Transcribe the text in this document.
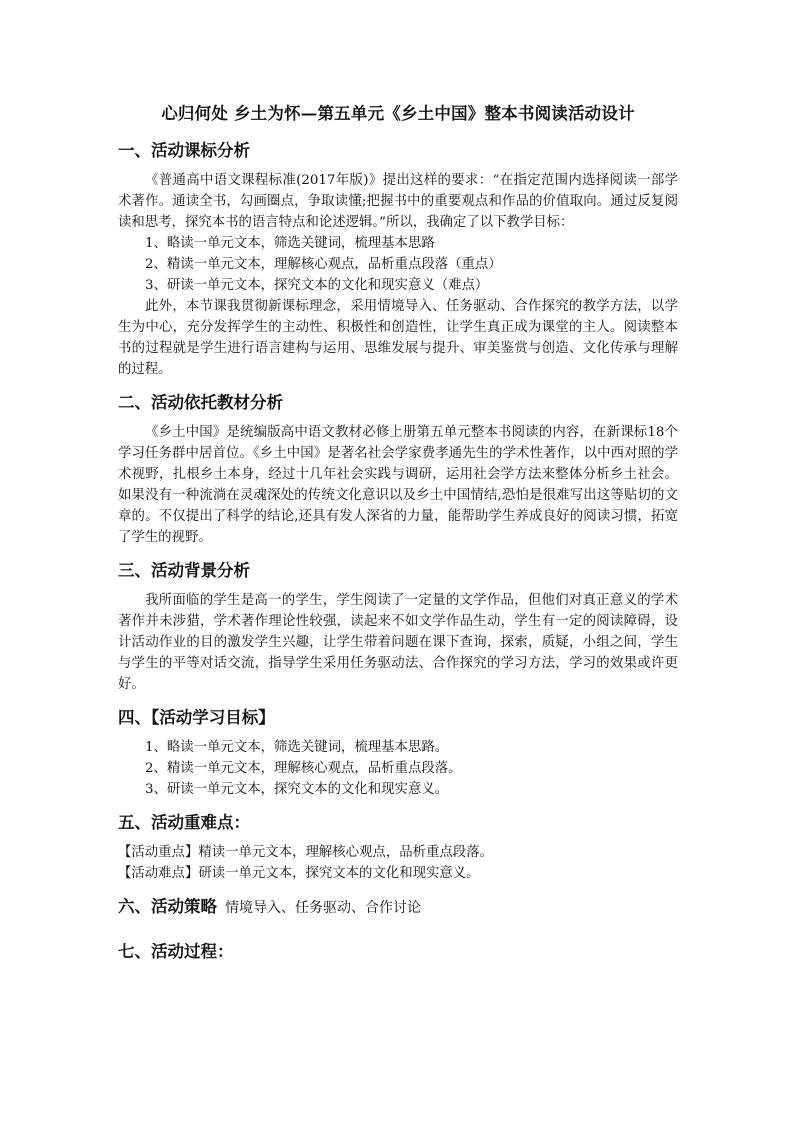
心归何处 乡土为怀—第五单元《乡土中国》整本书阅读活动设计
一、活动课标分析

《普通高中语文课程标准(2017年版)》提出这样的要求：“在指定范围内选择阅读一部学术著作。通读全书，勾画圈点，争取读懂;把握书中的重要观点和作品的价值取向。通过反复阅读和思考，探究本书的语言特点和论述逻辑。”所以，我确定了以下教学目标：

1、略读一单元文本，筛选关键词，梳理基本思路

2、精读一单元文本，理解核心观点，品析重点段落（重点）

3、研读一单元文本，探究文本的文化和现实意义（难点）

此外，本节课我贯彻新课标理念，采用情境导入、任务驱动、合作探究的教学方法，以学生为中心，充分发挥学生的主动性、积极性和创造性，让学生真正成为课堂的主人。阅读整本书的过程就是学生进行语言建构与运用、思维发展与提升、审美鉴赏与创造、文化传承与理解的过程。

二、活动依托教材分析

《乡土中国》是统编版高中语文教材必修上册第五单元整本书阅读的内容，在新课标18个学习任务群中居首位。《乡土中国》是著名社会学家费孝通先生的学术性著作，以中西对照的学术视野，扎根乡土本身，经过十几年社会实践与调研，运用社会学方法来整体分析乡土社会。如果没有一种流淌在灵魂深处的传统文化意识以及乡土中国情结,恐怕是很难写出这等贴切的文章的。不仅提出了科学的结论,还具有发人深省的力量，能帮助学生养成良好的阅读习惯，拓宽了学生的视野。

三、活动背景分析

我所面临的学生是高一的学生，学生阅读了一定量的文学作品，但他们对真正意义的学术著作并未涉猎，学术著作理论性较强，读起来不如文学作品生动，学生有一定的阅读障碍，设计活动作业的目的激发学生兴趣，让学生带着问题在课下查询，探索，质疑，小组之间，学生与学生的平等对话交流，指导学生采用任务驱动法、合作探究的学习方法，学习的效果或许更好。

四、【活动学习目标】

1、略读一单元文本，筛选关键词，梳理基本思路。

2、精读一单元文本，理解核心观点，品析重点段落。

3、研读一单元文本，探究文本的文化和现实意义。

五、活动重难点：

【活动重点】精读一单元文本，理解核心观点，品析重点段落。

【活动难点】研读一单元文本，探究文本的文化和现实意义。

六、活动策略 情境导入、任务驱动、合作讨论
七、活动过程：
